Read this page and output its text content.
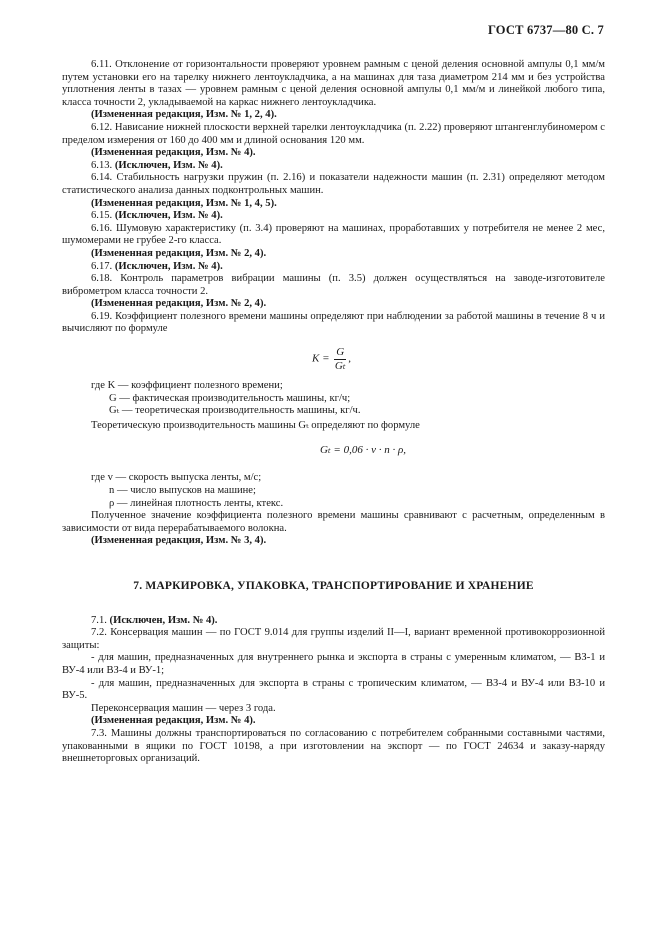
ГОСТ 6737—80 С. 7

6.11. Отклонение от горизонтальности проверяют уровнем рамным с ценой деления основной ампулы 0,1 мм/м путем установки его на тарелку нижнего лентоукладчика, а на машинах для таза диаметром 214 мм и без устройства уплотнения ленты в тазах — уровнем рамным с ценой деления основной ампулы 0,1 мм/м и линейкой любого типа, класса точности 2, укладываемой на каркас нижнего лентоукладчика.

(Измененная редакция, Изм. № 1, 2, 4).

6.12. Нависание нижней плоскости верхней тарелки лентоукладчика (п. 2.22) проверяют штангенглубиномером с пределом измерения от 160 до 400 мм и длиной основания 120 мм.

(Измененная редакция, Изм. № 4).

6.13. (Исключен, Изм. № 4).

6.14. Стабильность нагрузки пружин (п. 2.16) и показатели надежности машин (п. 2.31) определяют методом статистического анализа данных подконтрольных машин.

(Измененная редакция, Изм. № 1, 4, 5).

6.15. (Исключен, Изм. № 4).

6.16. Шумовую характеристику (п. 3.4) проверяют на машинах, проработавших у потребителя не менее 2 мес, шумомерами не грубее 2-го класса.

(Измененная редакция, Изм. № 2, 4).

6.17. (Исключен, Изм. № 4).

6.18. Контроль параметров вибрации машины (п. 3.5) должен осуществляться на заводе-изготовителе виброметром класса точности 2.

(Измененная редакция, Изм. № 2, 4).

6.19. Коэффициент полезного времени машины определяют при наблюдении за работой машины в течение 8 ч и вычисляют по формуле

$K = \frac{G}{\text{Gₜ}}$ ,

где K — коэффициент полезного времени;

G — фактическая производительность машины, кг/ч;

Gₜ — теоретическая производительность машины, кг/ч.

Теоретическую производительность машины Gₜ определяют по формуле

Gₜ = 0,06 · v · n · ρ,

где v — скорость выпуска ленты, м/с;

n — число выпусков на машине;

ρ — линейная плотность ленты, ктекс.

Полученное значение коэффициента полезного времени машины сравнивают с расчетным, определенным в зависимости от вида перерабатываемого волокна.

(Измененная редакция, Изм. № 3, 4).

7. МАРКИРОВКА, УПАКОВКА, ТРАНСПОРТИРОВАНИЕ И ХРАНЕНИЕ

7.1. (Исключен, Изм. № 4).

7.2. Консервация машин — по ГОСТ 9.014 для группы изделий II—I, вариант временной противокоррозионной защиты:

- для машин, предназначенных для внутреннего рынка и экспорта в страны с умеренным климатом, — ВЗ-1 и ВУ-4 или ВЗ-4 и ВУ-1;

- для машин, предназначенных для экспорта в страны с тропическим климатом, — ВЗ-4 и ВУ-4 или ВЗ-10 и ВУ-5.

Переконсервация машин — через 3 года.

(Измененная редакция, Изм. № 4).

7.3. Машины должны транспортироваться по согласованию с потребителем собранными составными частями, упакованными в ящики по ГОСТ 10198, а при изготовлении на экспорт — по ГОСТ 24634 и заказу-наряду внешнеторговых организаций.
